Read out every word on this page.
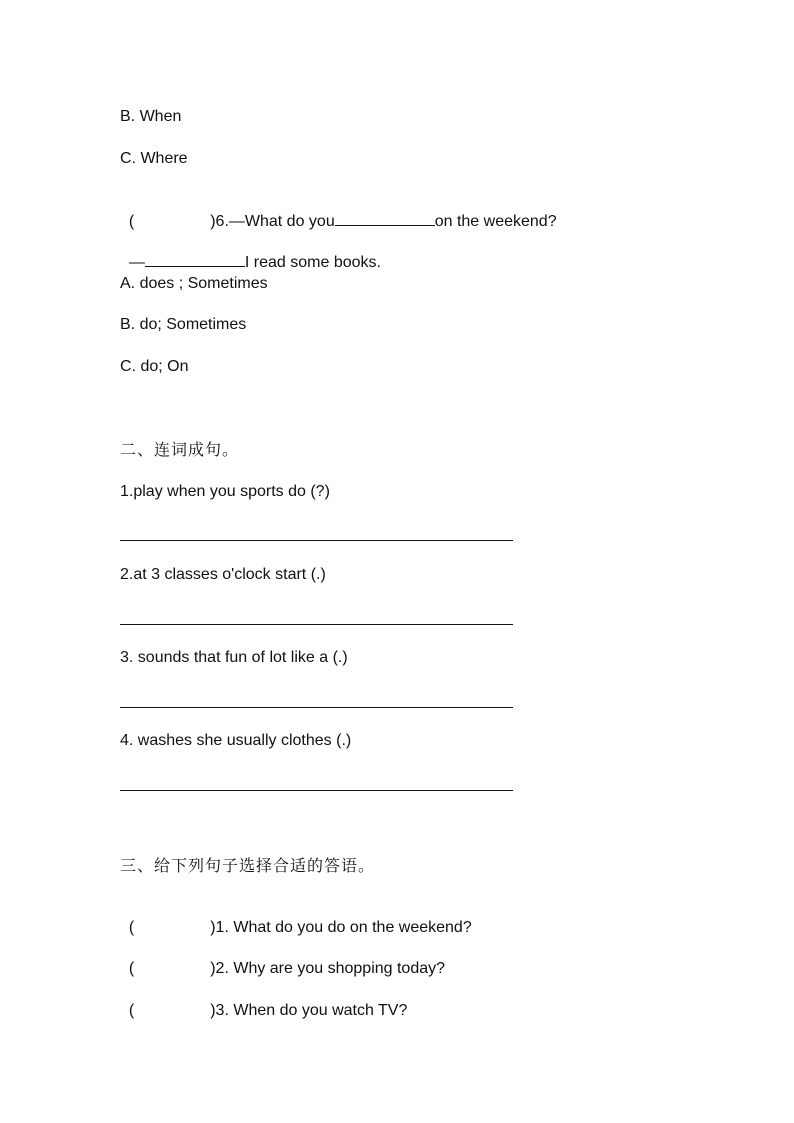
B. When
C. Where

(	)6.—What do you	on the weekend?

—	I read some books.

A. does ; Sometimes
B. do; Sometimes
C. do; On
二、连词成句。
1.play when you sports do (?)
2.at 3 classes o'clock start (.)
3. sounds that fun of lot like a (.)
4. washes she usually clothes (.)
三、给下列句子选择合适的答语。

(	)1. What do you do on the weekend?

(	)2. Why are you shopping today?

(	)3. When do you watch TV?
